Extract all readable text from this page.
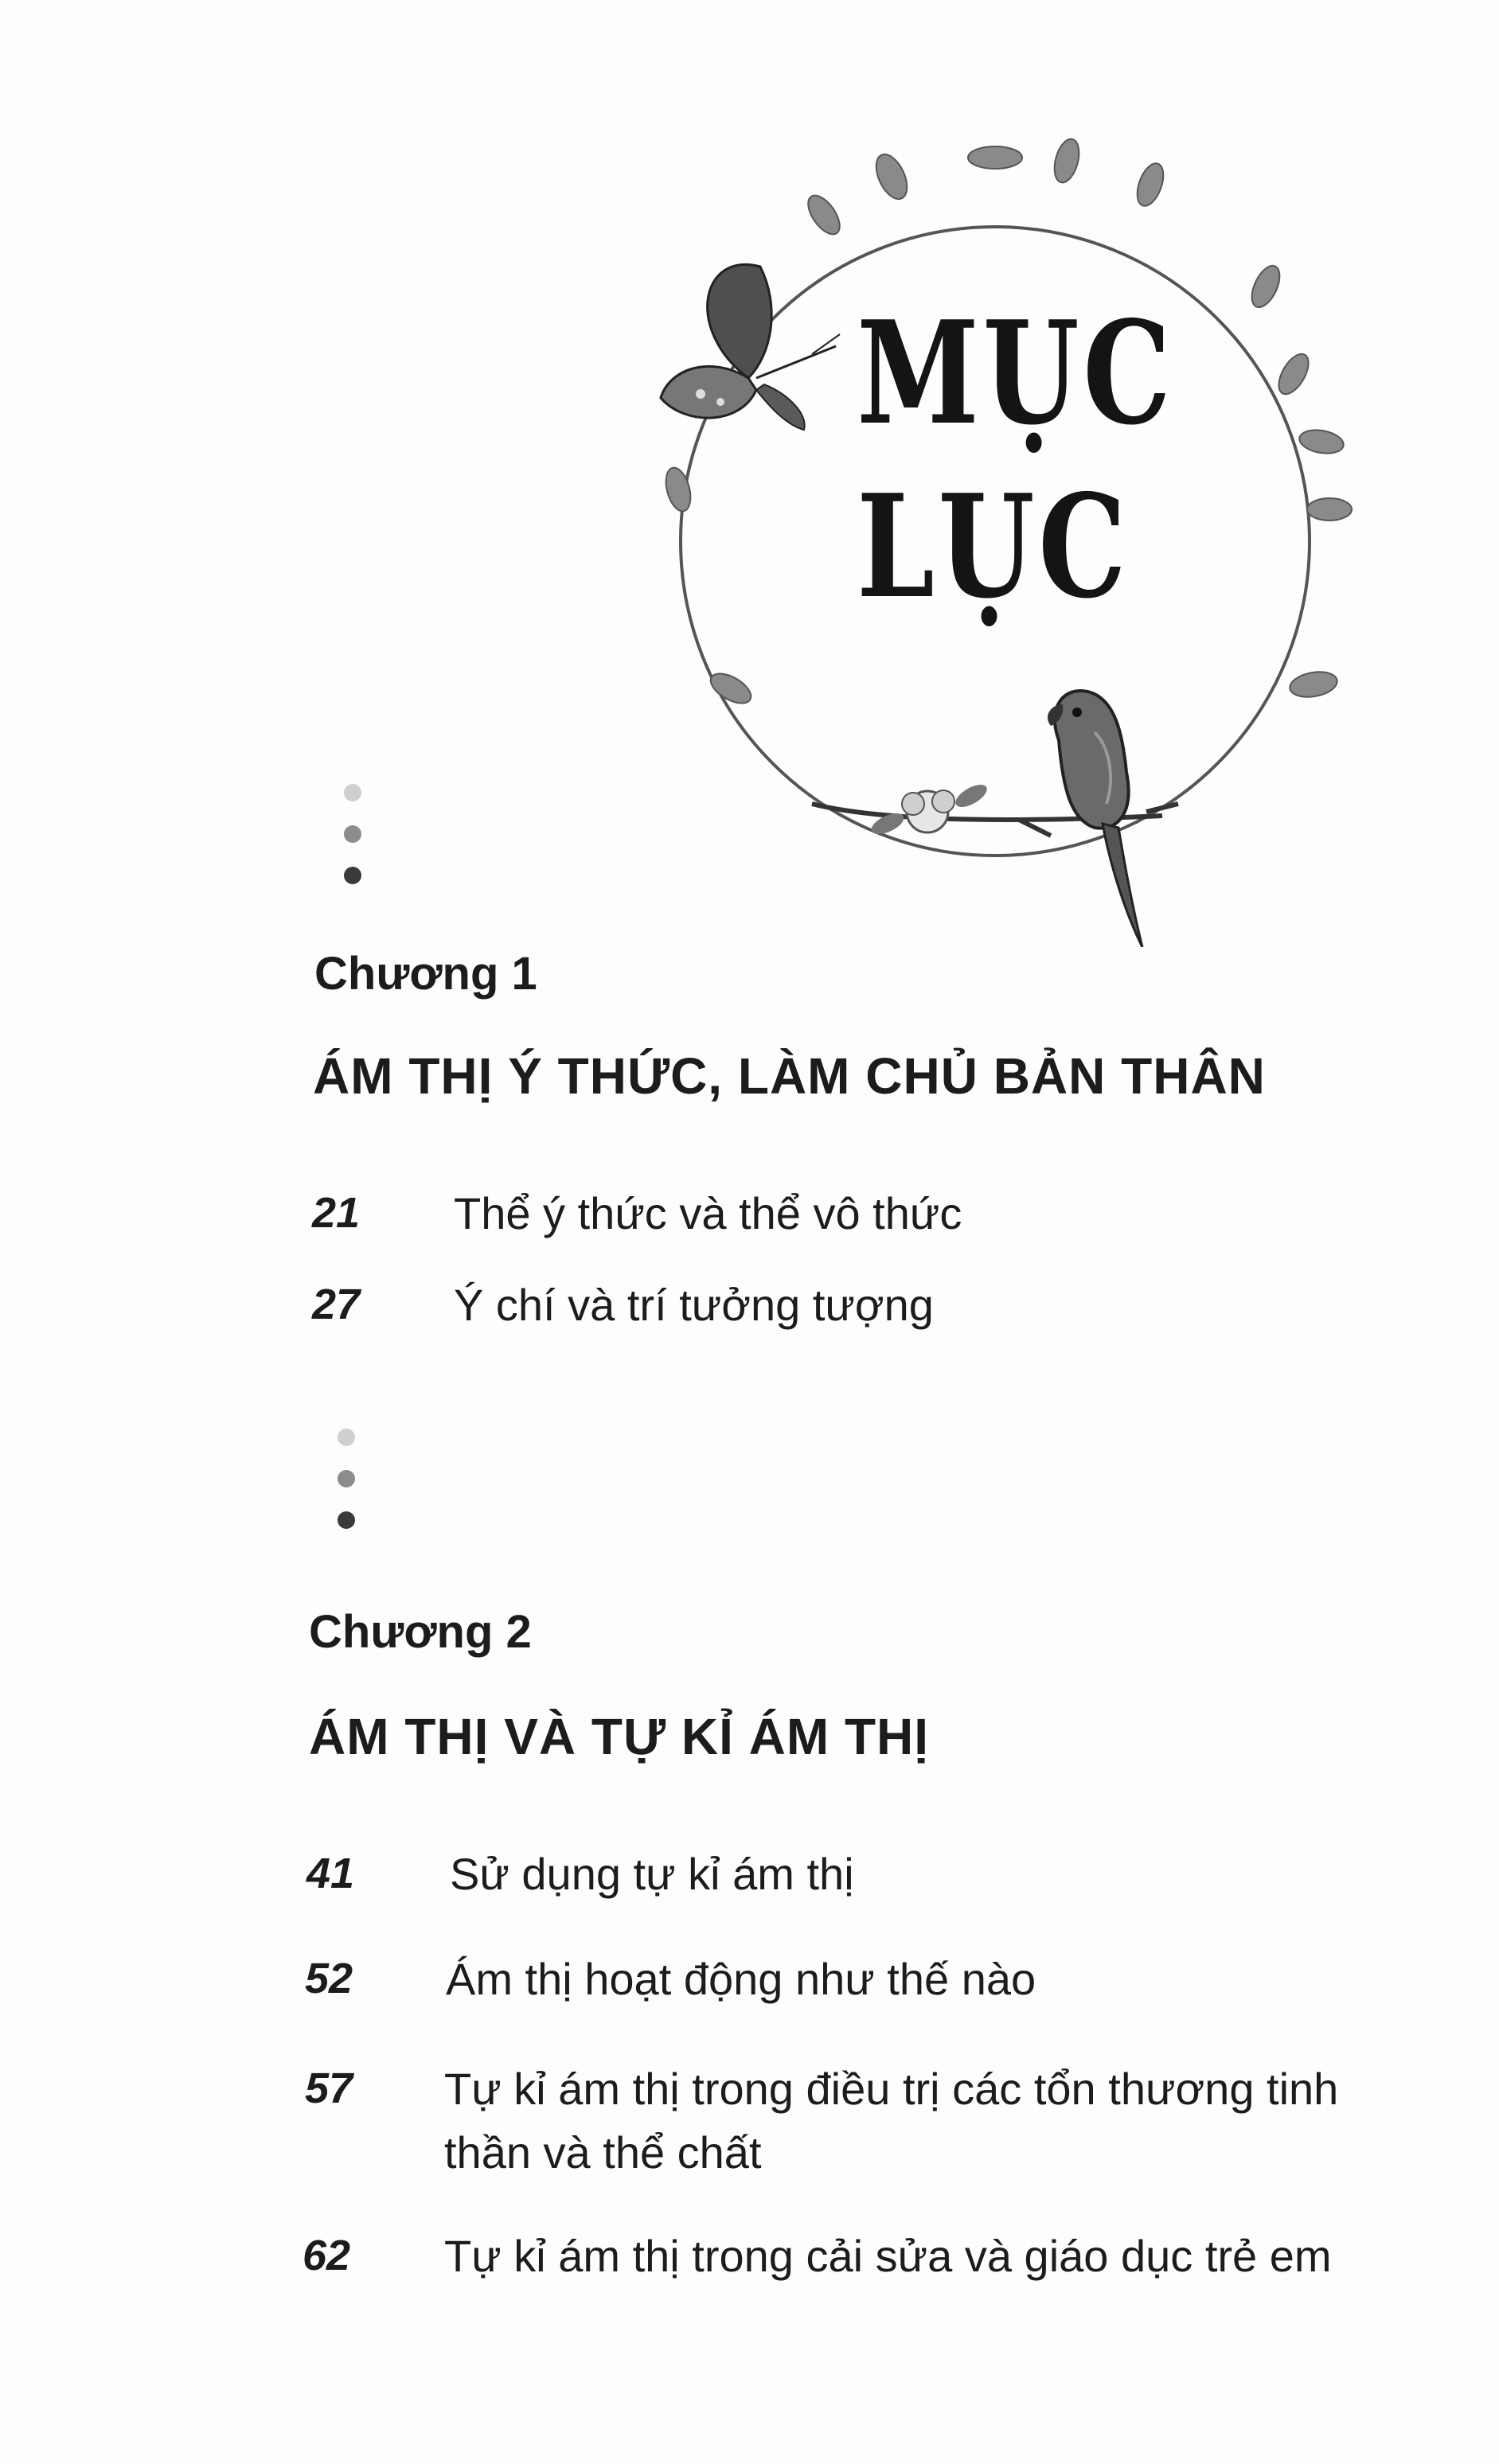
MỤC
LỤC
Chương 1
ÁM THỊ Ý THỨC, LÀM CHỦ BẢN THÂN
21 Thể ý thức và thể vô thức
27 Ý chí và trí tưởng tượng
Chương 2
ÁM THỊ VÀ TỰ KỈ ÁM THỊ
41 Sử dụng tự kỉ ám thị
52 Ám thị hoạt động như thế nào
57 Tự kỉ ám thị trong điều trị các tổn thương tinh thần và thể chất
62 Tự kỉ ám thị trong cải sửa và giáo dục trẻ em
